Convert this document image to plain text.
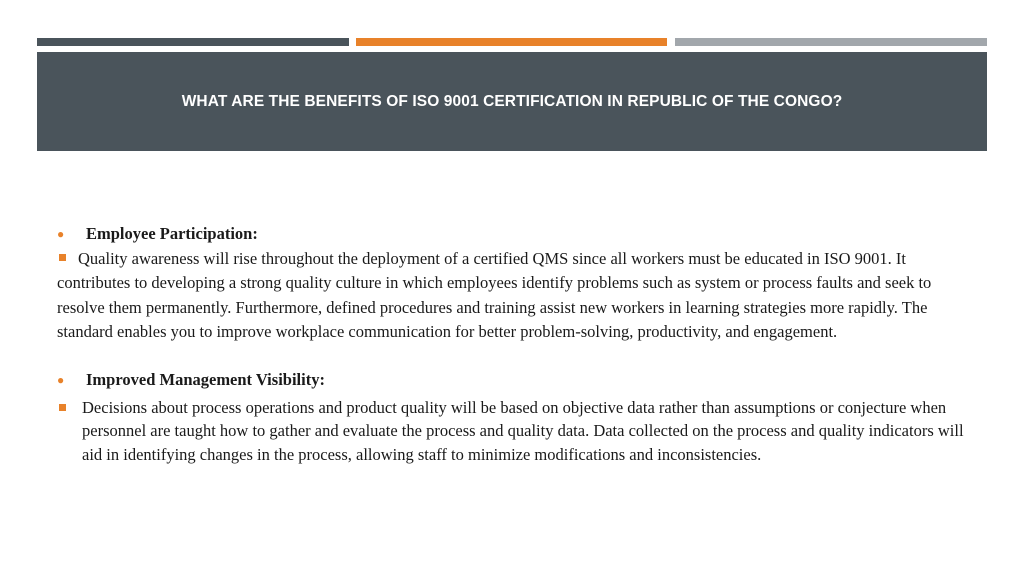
WHAT ARE THE BENEFITS OF ISO 9001 CERTIFICATION IN REPUBLIC OF THE CONGO?

● Employee Participation:

Quality awareness will rise throughout the deployment of a certified QMS since all workers must be educated in ISO 9001. It contributes to developing a strong quality culture in which employees identify problems such as system or process faults and seek to resolve them permanently. Furthermore, defined procedures and training assist new workers in learning strategies more rapidly. The standard enables you to improve workplace communication for better problem-solving, productivity, and engagement.

● Improved Management Visibility:

Decisions about process operations and product quality will be based on objective data rather than assumptions or conjecture when personnel are taught how to gather and evaluate the process and quality data. Data collected on the process and quality indicators will aid in identifying changes in the process, allowing staff to minimize modifications and inconsistencies.
